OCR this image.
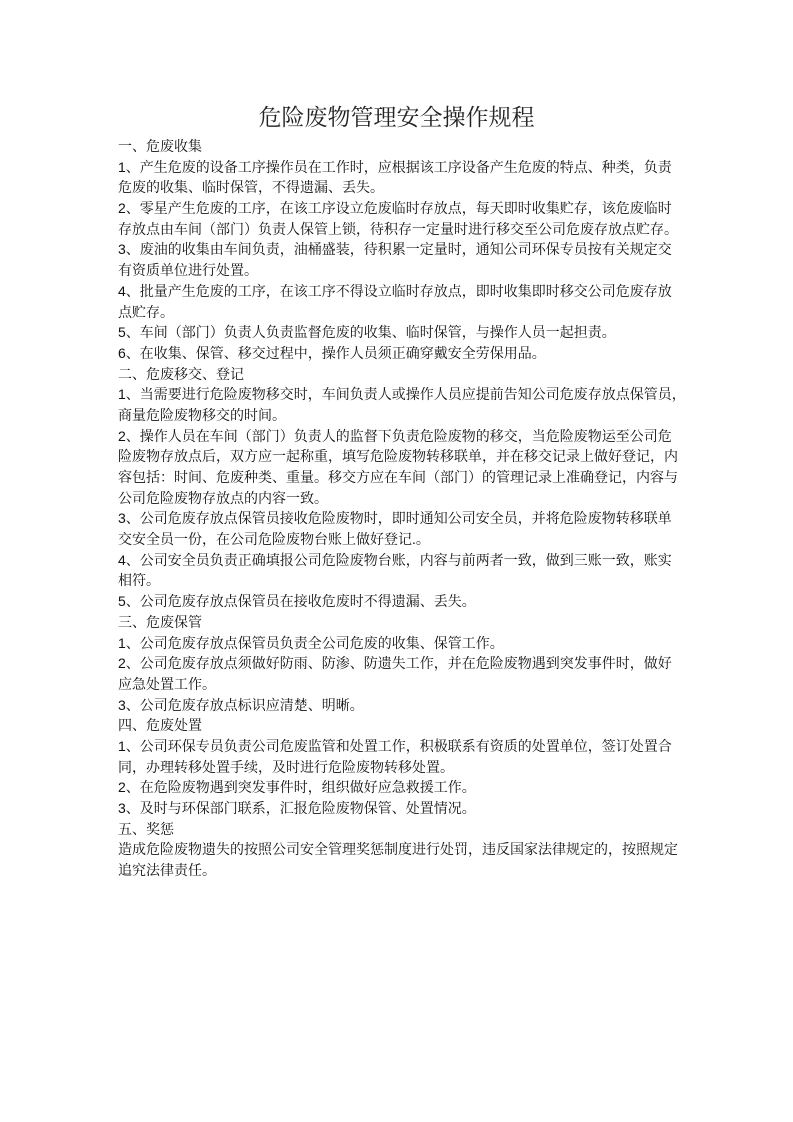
危险废物管理安全操作规程
一、危废收集
1、产生危废的设备工序操作员在工作时，应根据该工序设备产生危废的特点、种类，负责
危废的收集、临时保管，不得遗漏、丢失。
2、零星产生危废的工序，在该工序设立危废临时存放点，每天即时收集贮存，该危废临时
存放点由车间（部门）负责人保管上锁，待积存一定量时进行移交至公司危废存放点贮存。
3、废油的收集由车间负责，油桶盛装，待积累一定量时，通知公司环保专员按有关规定交
有资质单位进行处置。
4、批量产生危废的工序，在该工序不得设立临时存放点，即时收集即时移交公司危废存放
点贮存。
5、车间（部门）负责人负责监督危废的收集、临时保管，与操作人员一起担责。
6、在收集、保管、移交过程中，操作人员须正确穿戴安全劳保用品。
二、危废移交、登记
1、当需要进行危险废物移交时，车间负责人或操作人员应提前告知公司危废存放点保管员，
商量危险废物移交的时间。
2、操作人员在车间（部门）负责人的监督下负责危险废物的移交，当危险废物运至公司危
险废物存放点后，双方应一起称重，填写危险废物转移联单，并在移交记录上做好登记，内
容包括：时间、危废种类、重量。移交方应在车间（部门）的管理记录上准确登记，内容与
公司危险废物存放点的内容一致。
3、公司危废存放点保管员接收危险废物时，即时通知公司安全员，并将危险废物转移联单
交安全员一份，在公司危险废物台账上做好登记.。
4、公司安全员负责正确填报公司危险废物台账，内容与前两者一致，做到三账一致，账实
相符。
5、公司危废存放点保管员在接收危废时不得遗漏、丢失。
三、危废保管
1、公司危废存放点保管员负责全公司危废的收集、保管工作。
2、公司危废存放点须做好防雨、防渗、防遗失工作，并在危险废物遇到突发事件时，做好
应急处置工作。
3、公司危废存放点标识应清楚、明晰。
四、危废处置
1、公司环保专员负责公司危废监管和处置工作，积极联系有资质的处置单位，签订处置合
同，办理转移处置手续，及时进行危险废物转移处置。
2、在危险废物遇到突发事件时，组织做好应急救援工作。
3、及时与环保部门联系，汇报危险废物保管、处置情况。
五、奖惩
造成危险废物遗失的按照公司安全管理奖惩制度进行处罚，违反国家法律规定的，按照规定
追究法律责任。
